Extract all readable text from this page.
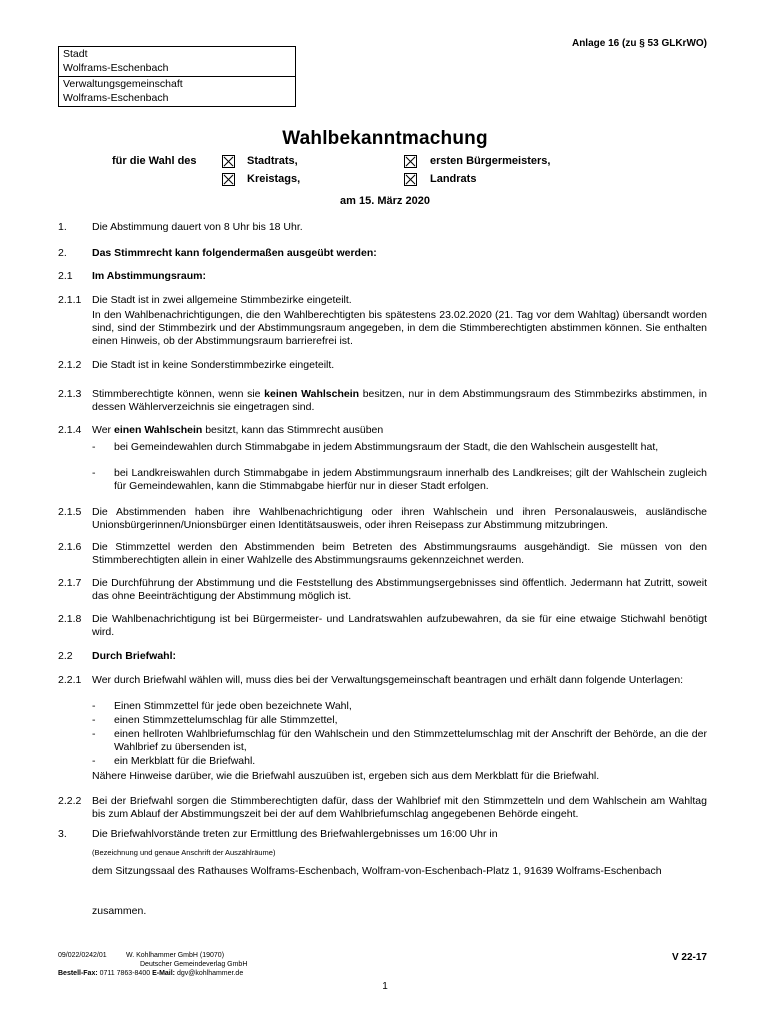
Anlage 16 (zu § 53 GLKrWO)
Stadt
Wolframs-Eschenbach
Verwaltungsgemeinschaft
Wolframs-Eschenbach
Wahlbekanntmachung
für die Wahl des	Stadtrats,	ersten Bürgermeisters,
Kreistags,	Landrats
am 15. März 2020
1. Die Abstimmung dauert von 8 Uhr bis 18 Uhr.
2. Das Stimmrecht kann folgendermaßen ausgeübt werden:
2.1 Im Abstimmungsraum:
2.1.1 Die Stadt ist in zwei allgemeine Stimmbezirke eingeteilt.
In den Wahlbenachrichtigungen, die den Wahlberechtigten bis spätestens 23.02.2020 (21. Tag vor dem Wahltag) übersandt worden sind, sind der Stimmbezirk und der Abstimmungsraum angegeben, in dem die Stimmberechtigten abstimmen können. Sie enthalten einen Hinweis, ob der Abstimmungsraum barrierefrei ist.
2.1.2 Die Stadt ist in keine Sonderstimmbezirke eingeteilt.
2.1.3 Stimmberechtigte können, wenn sie keinen Wahlschein besitzen, nur in dem Abstimmungsraum des Stimmbezirks abstimmen, in dessen Wählerverzeichnis sie eingetragen sind.
2.1.4 Wer einen Wahlschein besitzt, kann das Stimmrecht ausüben
- bei Gemeindewahlen durch Stimmabgabe in jedem Abstimmungsraum der Stadt, die den Wahlschein ausgestellt hat,
- bei Landkreiswahlen durch Stimmabgabe in jedem Abstimmungsraum innerhalb des Landkreises; gilt der Wahlschein zugleich für Gemeindewahlen, kann die Stimmabgabe hierfür nur in dieser Stadt erfolgen.
2.1.5 Die Abstimmenden haben ihre Wahlbenachrichtigung oder ihren Wahlschein und ihren Personalausweis, ausländische Unionsbürgerinnen/Unionsbürger einen Identitätsausweis, oder ihren Reisepass zur Abstimmung mitzubringen.
2.1.6 Die Stimmzettel werden den Abstimmenden beim Betreten des Abstimmungsraums ausgehändigt. Sie müssen von den Stimmberechtigten allein in einer Wahlzelle des Abstimmungsraums gekennzeichnet werden.
2.1.7 Die Durchführung der Abstimmung und die Feststellung des Abstimmungsergebnisses sind öffentlich. Jedermann hat Zutritt, soweit das ohne Beeinträchtigung der Abstimmung möglich ist.
2.1.8 Die Wahlbenachrichtigung ist bei Bürgermeister- und Landratswahlen aufzubewahren, da sie für eine etwaige Stichwahl benötigt wird.
2.2 Durch Briefwahl:
2.2.1 Wer durch Briefwahl wählen will, muss dies bei der Verwaltungsgemeinschaft beantragen und erhält dann folgende Unterlagen:
- Einen Stimmzettel für jede oben bezeichnete Wahl,
- einen Stimmzettelumschlag für alle Stimmzettel,
- einen hellroten Wahlbriefumschlag für den Wahlschein und den Stimmzettelumschlag mit der Anschrift der Behörde, an die der Wahlbrief zu übersenden ist,
- ein Merkblatt für die Briefwahl.
Nähere Hinweise darüber, wie die Briefwahl auszuüben ist, ergeben sich aus dem Merkblatt für die Briefwahl.
2.2.2 Bei der Briefwahl sorgen die Stimmberechtigten dafür, dass der Wahlbrief mit den Stimmzetteln und dem Wahlschein am Wahltag bis zum Ablauf der Abstimmungszeit bei der auf dem Wahlbriefumschlag angegebenen Behörde eingeht.
3. Die Briefwahlvorstände treten zur Ermittlung des Briefwahlergebnisses um 16:00 Uhr in
(Bezeichnung und genaue Anschrift der Auszählräume)
dem Sitzungssaal des Rathauses Wolframs-Eschenbach, Wolfram-von-Eschenbach-Platz 1, 91639 Wolframs-Eschenbach
zusammen.
09/022/0242/01	W. Kohlhammer GmbH (19070)
Deutscher Gemeindeverlag GmbH
Bestell-Fax: 0711 7863-8400 E-Mail: dgv@kohlhammer.de
V 22-17
1
